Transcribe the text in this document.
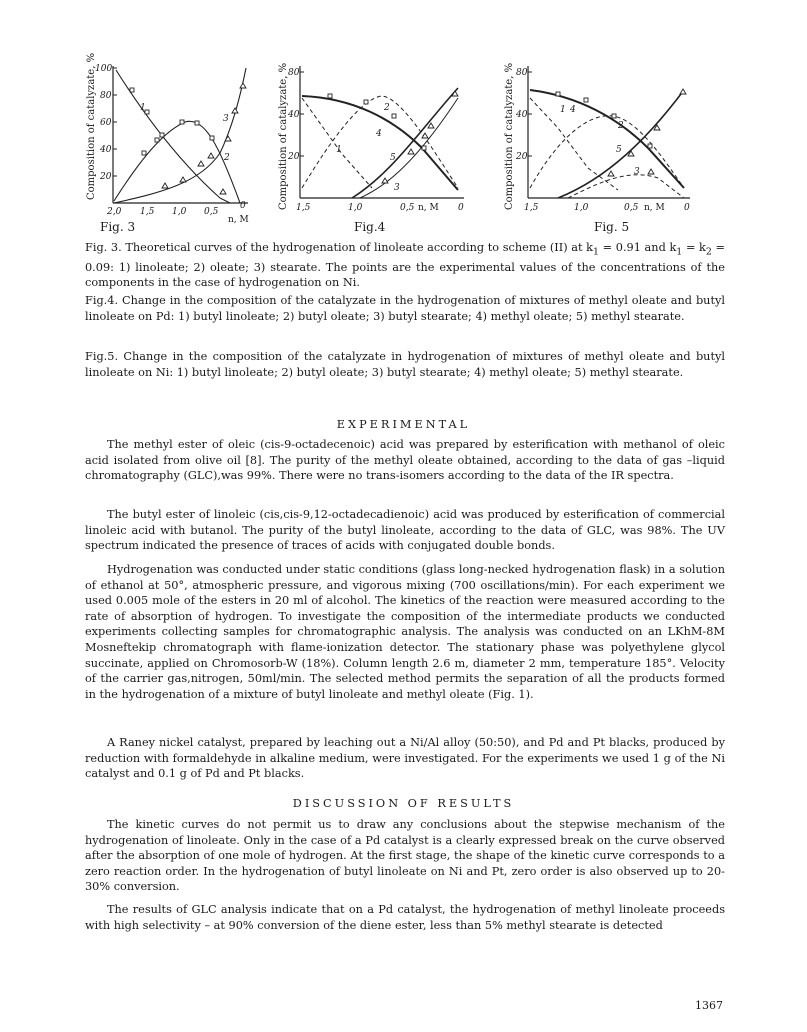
Composition of catalyzate, %
100
80
60
40
20
2,0 1,5 1,0 0,5
0
n, M
1
2
3
Fig. 3
Composition of catalyzate, % 80
40
20
1,5	1,0	0,5 n, M 0
1
2
3
4
5
Fig.4
Composition of catalyzate, % 80
40
20
1,5	1,0	0,5 n, M 0
1
2
3
4
5
Fig. 5
Fig. 3. Theoretical curves of the hydrogenation of linoleate according to scheme (II) at $k_1 = 0.91$ and $k_1 = k_2 = 0.09$: 1) linoleate; 2) oleate; 3) stearate. The points are the experimental values of the concentrations of the components in the case of hydrogenation on Ni.
Fig.4. Change in the composition of the catalyzate in the hydrogenation of mixtures of methyl oleate and butyl linoleate on Pd: 1) butyl linoleate; 2) butyl oleate; 3) butyl stearate; 4) methyl oleate; 5) methyl stearate.
Fig.5. Change in the composition of the catalyzate in hydrogenation of mixtures of methyl oleate and butyl linoleate on Ni: 1) butyl linoleate; 2) butyl oleate; 3) butyl stearate; 4) methyl oleate; 5) methyl stearate.
EXPERIMENTAL

The methyl ester of oleic (cis-9-octadecenoic) acid was prepared by esterification with methanol of oleic acid isolated from olive oil [8]. The purity of the methyl oleate obtained, according to the data of gas –liquid chromatography (GLC),was 99%. There were no trans-isomers according to the data of the IR spectra.

The butyl ester of linoleic (cis,cis-9,12-octadecadienoic) acid was produced by esterification of commercial linoleic acid with butanol. The purity of the butyl linoleate, according to the data of GLC, was 98%. The UV spectrum indicated the presence of traces of acids with conjugated double bonds.

Hydrogenation was conducted under static conditions (glass long-necked hydrogenation flask) in a solution of ethanol at 50°, atmospheric pressure, and vigorous mixing (700 oscillations/min). For each experiment we used 0.005 mole of the esters in 20 ml of alcohol. The kinetics of the reaction were measured according to the rate of absorption of hydrogen. To investigate the composition of the intermediate products we conducted experiments collecting samples for chromatographic analysis. The analysis was conducted on an LKhM-8M Mosneftekip chromatograph with flame-ionization detector. The stationary phase was polyethylene glycol succinate, applied on Chromosorb-W (18%). Column length 2.6 m, diameter 2 mm, temperature 185°. Velocity of the carrier gas,nitrogen, 50ml/min. The selected method permits the separation of all the products formed in the hydrogenation of a mixture of butyl linoleate and methyl oleate (Fig. 1).

A Raney nickel catalyst, prepared by leaching out a Ni/Al alloy (50:50), and Pd and Pt blacks, produced by reduction with formaldehyde in alkaline medium, were investigated. For the experiments we used 1 g of the Ni catalyst and 0.1 g of Pd and Pt blacks.

DISCUSSION OF RESULTS

The kinetic curves do not permit us to draw any conclusions about the stepwise mechanism of the hydrogenation of linoleate. Only in the case of a Pd catalyst is a clearly expressed break on the curve observed after the absorption of one mole of hydrogen. At the first stage, the shape of the kinetic curve corresponds to a zero reaction order. In the hydrogenation of butyl linoleate on Ni and Pt, zero order is also observed up to 20-30% conversion.

The results of GLC analysis indicate that on a Pd catalyst, the hydrogenation of methyl linoleate proceeds with high selectivity – at 90% conversion of the diene ester, less than 5% methyl stearate is detected

1367
